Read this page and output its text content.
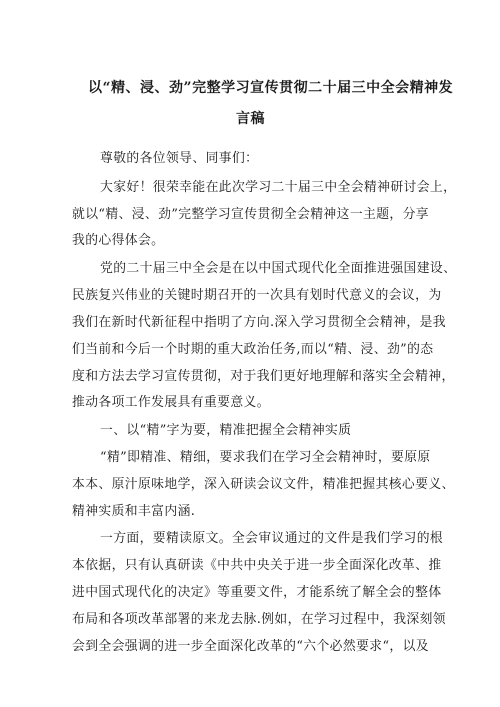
以“精、浸、劲”完整学习宣传贯彻二十届三中全会精神发
言稿
尊敬的各位领导、同事们：
大家好！很荣幸能在此次学习二十届三中全会精神研讨会上，
就以“精、浸、劲”完整学习宣传贯彻全会精神这一主题，分享
我的心得体会。
党的二十届三中全会是在以中国式现代化全面推进强国建设、
民族复兴伟业的关键时期召开的一次具有划时代意义的会议，为
我们在新时代新征程中指明了方向.深入学习贯彻全会精神，是我
们当前和今后一个时期的重大政治任务,而以“精、浸、劲”的态
度和方法去学习宣传贯彻，对于我们更好地理解和落实全会精神，
推动各项工作发展具有重要意义。
一、以“精”字为要，精准把握全会精神实质
“精”即精准、精细，要求我们在学习全会精神时，要原原
本本、原汁原味地学，深入研读会议文件，精准把握其核心要义、
精神实质和丰富内涵.
一方面，要精读原文。全会审议通过的文件是我们学习的根
本依据，只有认真研读《中共中央关于进一步全面深化改革、推
进中国式现代化的决定》等重要文件，才能系统了解全会的整体
布局和各项改革部署的来龙去脉.例如，在学习过程中，我深刻领
会到全会强调的进一步全面深化改革的“六个必然要求“，以及
